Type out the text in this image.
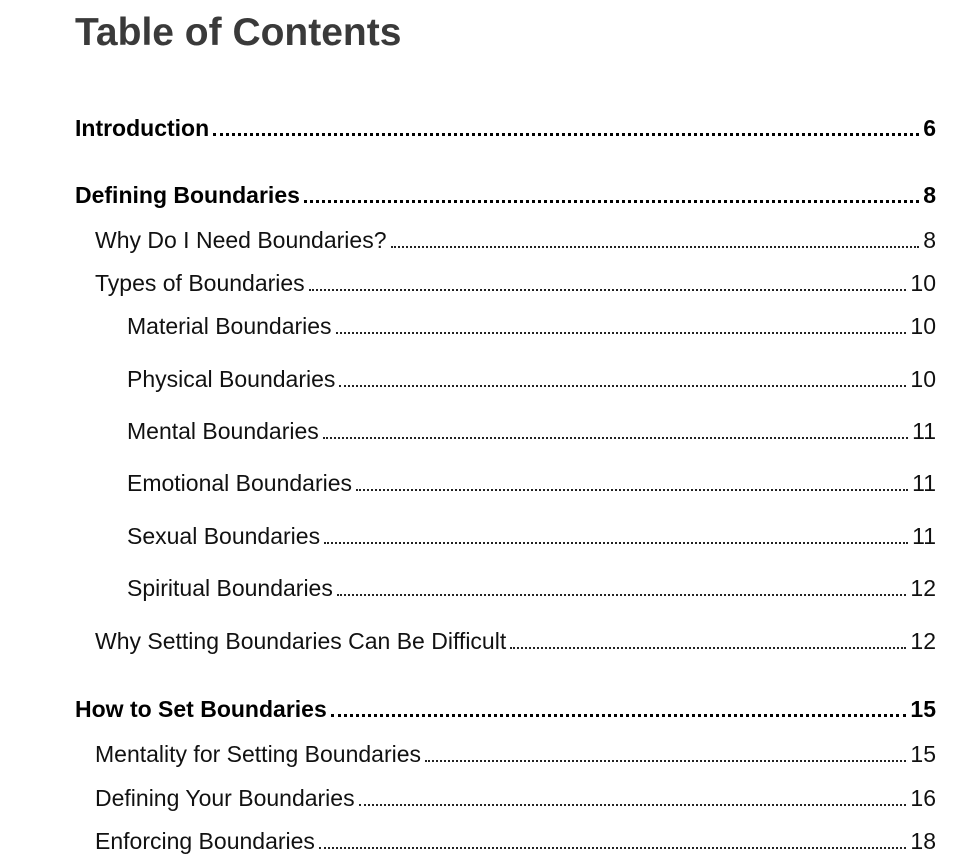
Table of Contents
Introduction	6
Defining Boundaries	8
Why Do I Need Boundaries?	8
Types of Boundaries	10
Material Boundaries	10
Physical Boundaries	10
Mental Boundaries	11
Emotional Boundaries	11
Sexual Boundaries	11
Spiritual Boundaries	12
Why Setting Boundaries Can Be Difficult	12
How to Set Boundaries	15
Mentality for Setting Boundaries	15
Defining Your Boundaries	16
Enforcing Boundaries	18
